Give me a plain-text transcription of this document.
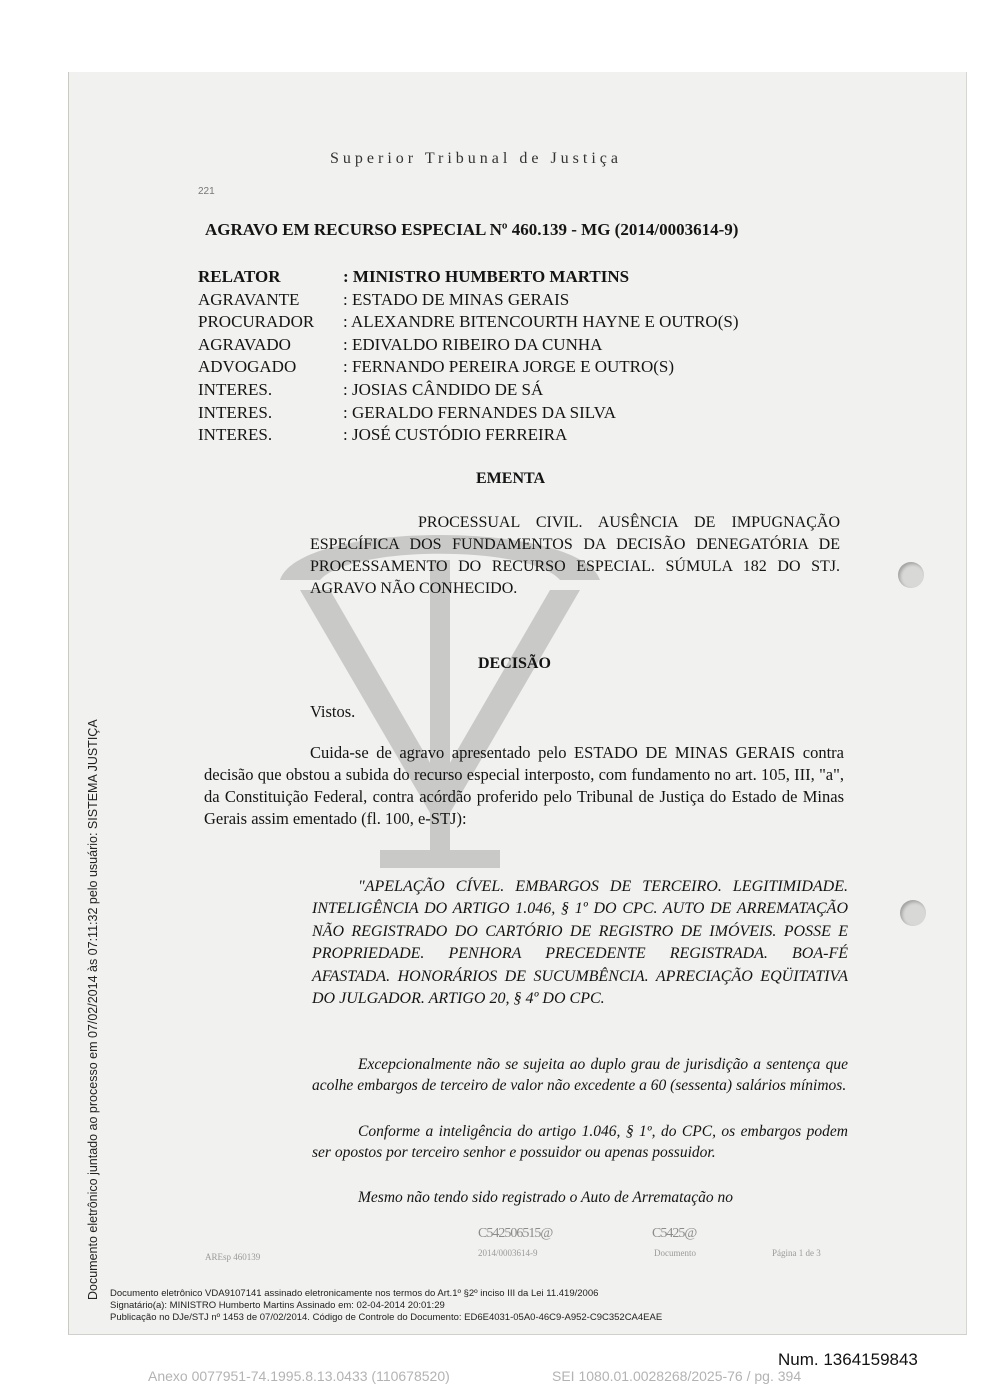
Superior Tribunal de Justiça
221
AGRAVO EM RECURSO ESPECIAL Nº 460.139 - MG (2014/0003614-9)
RELATOR	: MINISTRO HUMBERTO MARTINS
AGRAVANTE	: ESTADO DE MINAS GERAIS
PROCURADOR	: ALEXANDRE BITENCOURTH HAYNE E OUTRO(S)
AGRAVADO	: EDIVALDO RIBEIRO DA CUNHA
ADVOGADO	: FERNANDO PEREIRA JORGE E OUTRO(S)
INTERES.	: JOSIAS CÂNDIDO DE SÁ
INTERES.	: GERALDO FERNANDES DA SILVA
INTERES.	: JOSÉ CUSTÓDIO FERREIRA
EMENTA
PROCESSUAL CIVIL. AUSÊNCIA DE IMPUGNAÇÃO ESPECÍFICA DOS FUNDAMENTOS DA DECISÃO DENEGATÓRIA DE PROCESSAMENTO DO RECURSO ESPECIAL. SÚMULA 182 DO STJ. AGRAVO NÃO CONHECIDO.
DECISÃO
Vistos.
Cuida-se de agravo apresentado pelo ESTADO DE MINAS GERAIS contra decisão que obstou a subida do recurso especial interposto, com fundamento no art. 105, III, "a", da Constituição Federal, contra acórdão proferido pelo Tribunal de Justiça do Estado de Minas Gerais assim ementado (fl. 100, e-STJ):
"APELAÇÃO CÍVEL. EMBARGOS DE TERCEIRO. LEGITIMIDADE. INTELIGÊNCIA DO ARTIGO 1.046, § 1º DO CPC. AUTO DE ARREMATAÇÃO NÃO REGISTRADO DO CARTÓRIO DE REGISTRO DE IMÓVEIS. POSSE E PROPRIEDADE. PENHORA PRECEDENTE REGISTRADA. BOA-FÉ AFASTADA. HONORÁRIOS DE SUCUMBÊNCIA. APRECIAÇÃO EQÜITATIVA DO JULGADOR. ARTIGO 20, § 4º DO CPC.
Excepcionalmente não se sujeita ao duplo grau de jurisdição a sentença que acolhe embargos de terceiro de valor não excedente a 60 (sessenta) salários mínimos.
Conforme a inteligência do artigo 1.046, § 1º, do CPC, os embargos podem ser opostos por terceiro senhor e possuidor ou apenas possuidor.
Mesmo não tendo sido registrado o Auto de Arrematação no
AREsp 460139
C542506515@
2014/0003614-9
C5425@
Documento	Página 1 de 3
Documento eletrônico VDA9107141 assinado eletronicamente nos termos do Art.1º §2º inciso III da Lei 11.419/2006
Signatário(a): MINISTRO Humberto Martins Assinado em: 02-04-2014 20:01:29
Publicação no DJe/STJ nº 1453 de 07/02/2014. Código de Controle do Documento: ED6E4031-05A0-46C9-A952-C9C352CA4EAE
Documento eletrônico juntado ao processo em 07/02/2014 às 07:11:32 pelo usuário: SISTEMA JUSTIÇA
Num. 1364159843
Anexo 0077951-74.1995.8.13.0433 (110678520)	SEI 1080.01.0028268/2025-76 / pg. 394
